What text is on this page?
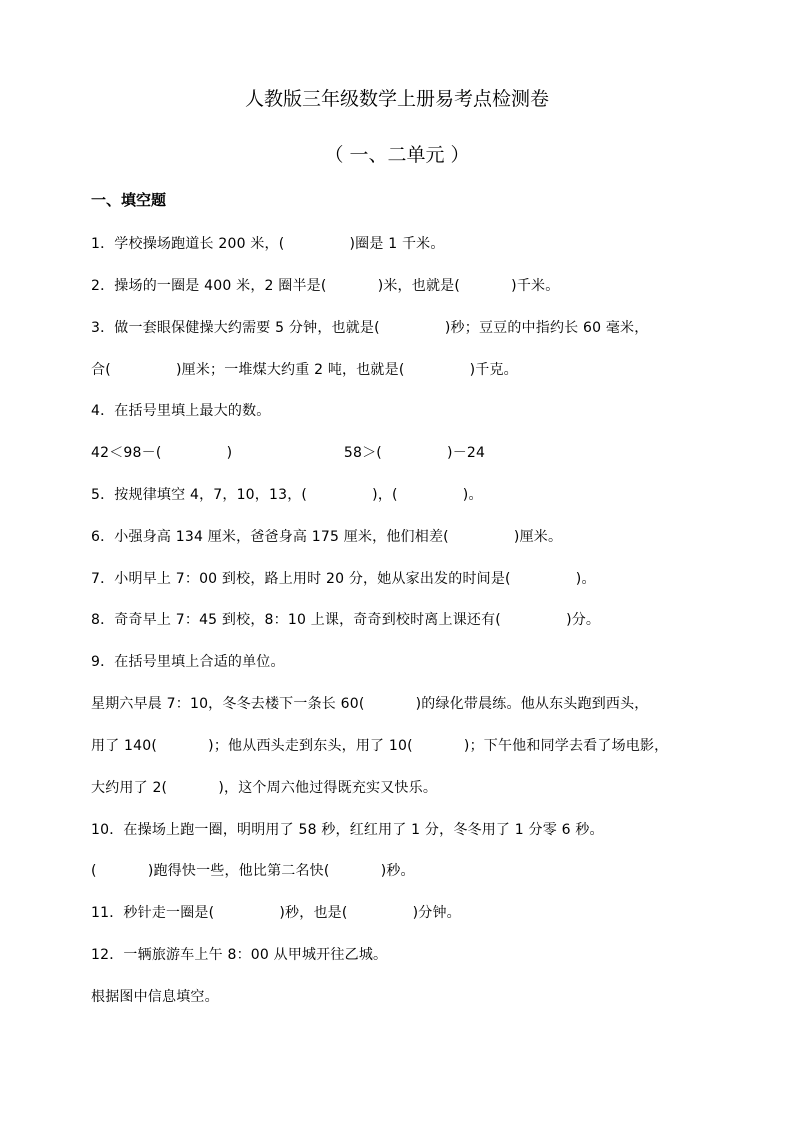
人教版三年级数学上册易考点检测卷
（ 一、二单元 ）
一、填空题
1．学校操场跑道长 200 米，(              )圈是 1 千米。
2．操场的一圈是 400 米，2 圈半是(           )米，也就是(           )千米。
3．做一套眼保健操大约需要 5 分钟，也就是(              )秒；豆豆的中指约长 60 毫米，
合(              )厘米；一堆煤大约重 2 吨，也就是(              )千克。
4．在括号里填上最大的数。
42＜98－(              )                        58＞(              )－24
5．按规律填空 4，7，10，13，(              )，(              )。
6．小强身高 134 厘米，爸爸身高 175 厘米，他们相差(              )厘米。
7．小明早上 7：00 到校，路上用时 20 分，她从家出发的时间是(              )。
8．奇奇早上 7：45 到校，8：10 上课，奇奇到校时离上课还有(              )分。
9．在括号里填上合适的单位。
星期六早晨 7：10，冬冬去楼下一条长 60(           )的绿化带晨练。他从东头跑到西头，
用了 140(           )；他从西头走到东头，用了 10(           )；下午他和同学去看了场电影，
大约用了 2(           )，这个周六他过得既充实又快乐。
10．在操场上跑一圈，明明用了 58 秒，红红用了 1 分，冬冬用了 1 分零 6 秒。
(           )跑得快一些，他比第二名快(           )秒。
11．秒针走一圈是(              )秒，也是(              )分钟。
12．一辆旅游车上午 8：00 从甲城开往乙城。
根据图中信息填空。
